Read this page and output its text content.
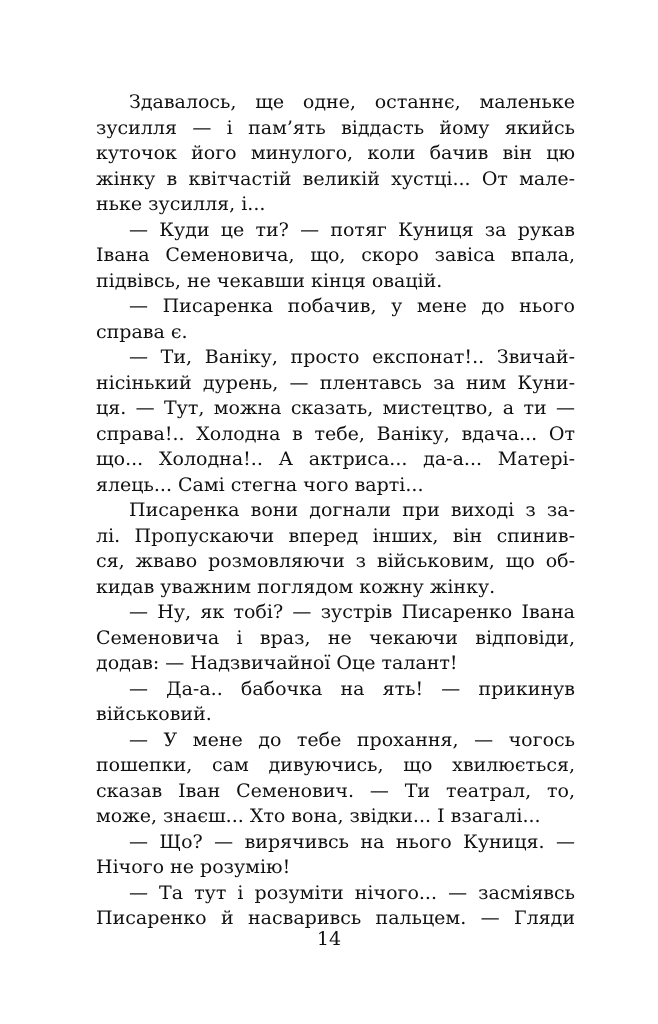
Здавалось, ще одне, останнє, маленьке
зусилля — і пам’ять віддасть йому якийсь
куточок його минулого, коли бачив він цю
жінку в квітчастій великій хустці... От мале-
ньке зусилля, і...

— Куди це ти? — потяг Куниця за рукав
Івана Семеновича, що, скоро завіса впала,
підвівсь, не чекавши кінця овацій.

— Писаренка побачив, у мене до нього
справа є.

— Ти, Ваніку, просто експонат!.. Звичай-
нісінький дурень, — плентавсь за ним Куни-
ця. — Тут, можна сказать, мистецтво, а ти —
справа!.. Холодна в тебе, Ваніку, вдача... От
що... Холодна!.. А актриса... да-а... Матері-
ялець... Самі стегна чого варті...

Писаренка вони догнали при виході з за-
лі. Пропускаючи вперед інших, він спинив-
ся, жваво розмовляючи з військовим, що об-
кидав уважним поглядом кожну жінку.

— Ну, як тобі? — зустрів Писаренко Івана
Семеновича і враз, не чекаючи відповіди,
додав: — Надзвичайної Оце талант!

— Да-а.. бабочка на ять! — прикинув
військовий.

— У мене до тебе прохання, — чогось
пошепки, сам дивуючись, що хвилюється,
сказав Іван Семенович. — Ти театрал, то,
може, знаєш... Хто вона, звідки... І взагалі...

— Що? — вирячивсь на нього Куниця. —
Нічого не розумію!

— Та тут і розуміти нічого... — засміявсь
Писаренко й насваривсь пальцем. — Гляди

14
